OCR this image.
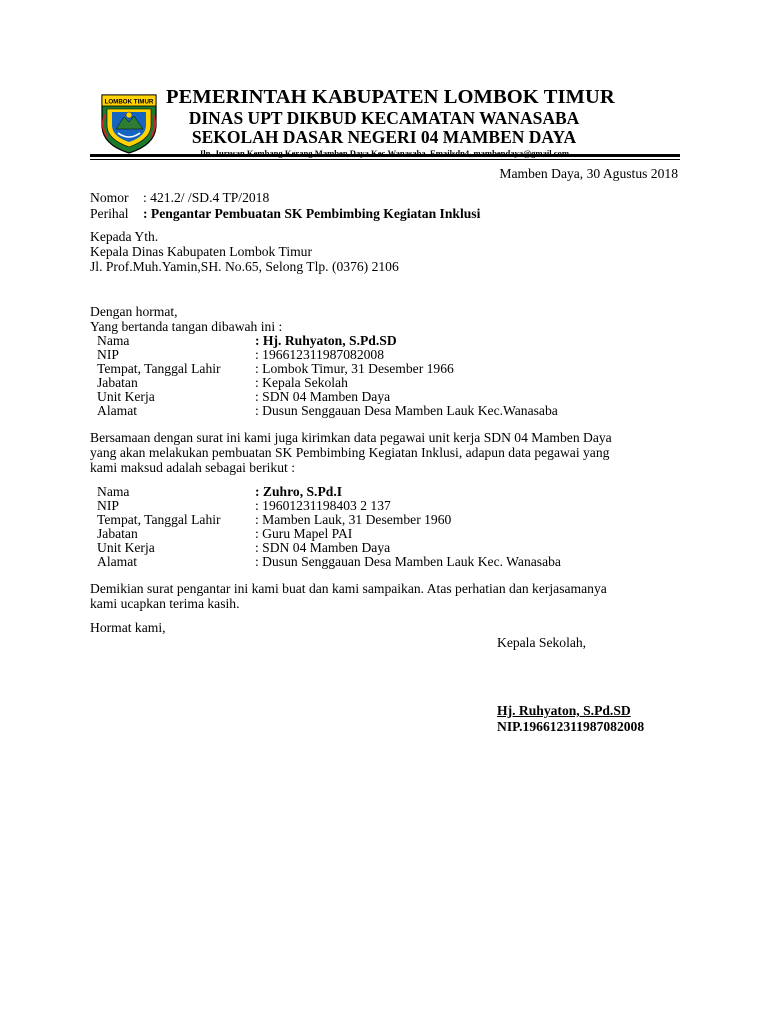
LOMBOK TIMUR PEMERINTAH KABUPATEN LOMBOK TIMUR
DINAS UPT DIKBUD KECAMATAN WANASABA
SEKOLAH DASAR NEGERI 04 MAMBEN DAYA
Jln. Jurusan Kembang Kerang Mamben Daya Kec.Wanasaba, Emailsdn4_mambendaya@gmail.com
Mamben Daya, 30 Agustus 2018
Nomor : 421.2/ /SD.4 TP/2018
Perihal : Pengantar Pembuatan SK Pembimbing Kegiatan Inklusi
Kepada Yth.
Kepala Dinas Kabupaten Lombok Timur
Jl. Prof.Muh.Yamin,SH. No.65, Selong Tlp. (0376) 2106
Dengan hormat,
Yang bertanda tangan dibawah ini :
Nama	: Hj. Ruhyaton, S.Pd.SD
NIP	: 196612311987082008
Tempat, Tanggal Lahir	: Lombok Timur, 31 Desember 1966
Jabatan	: Kepala Sekolah
Unit Kerja	: SDN 04 Mamben Daya
Alamat	: Dusun Senggauan Desa Mamben Lauk Kec.Wanasaba
Bersamaan dengan surat ini kami juga kirimkan data pegawai unit kerja SDN 04 Mamben Daya
yang akan melakukan pembuatan SK Pembimbing Kegiatan Inklusi, adapun data pegawai yang
kami maksud adalah sebagai berikut :
Nama	: Zuhro, S.Pd.I
NIP	: 19601231198403 2 137
Tempat, Tanggal Lahir	: Mamben Lauk, 31 Desember 1960
Jabatan	: Guru Mapel PAI
Unit Kerja	: SDN 04 Mamben Daya
Alamat	: Dusun Senggauan Desa Mamben Lauk Kec. Wanasaba
Demikian surat pengantar ini kami buat dan kami sampaikan. Atas perhatian dan kerjasamanya
kami ucapkan terima kasih.
Hormat kami,
Kepala Sekolah,
Hj. Ruhyaton, S.Pd.SD
NIP.196612311987082008
